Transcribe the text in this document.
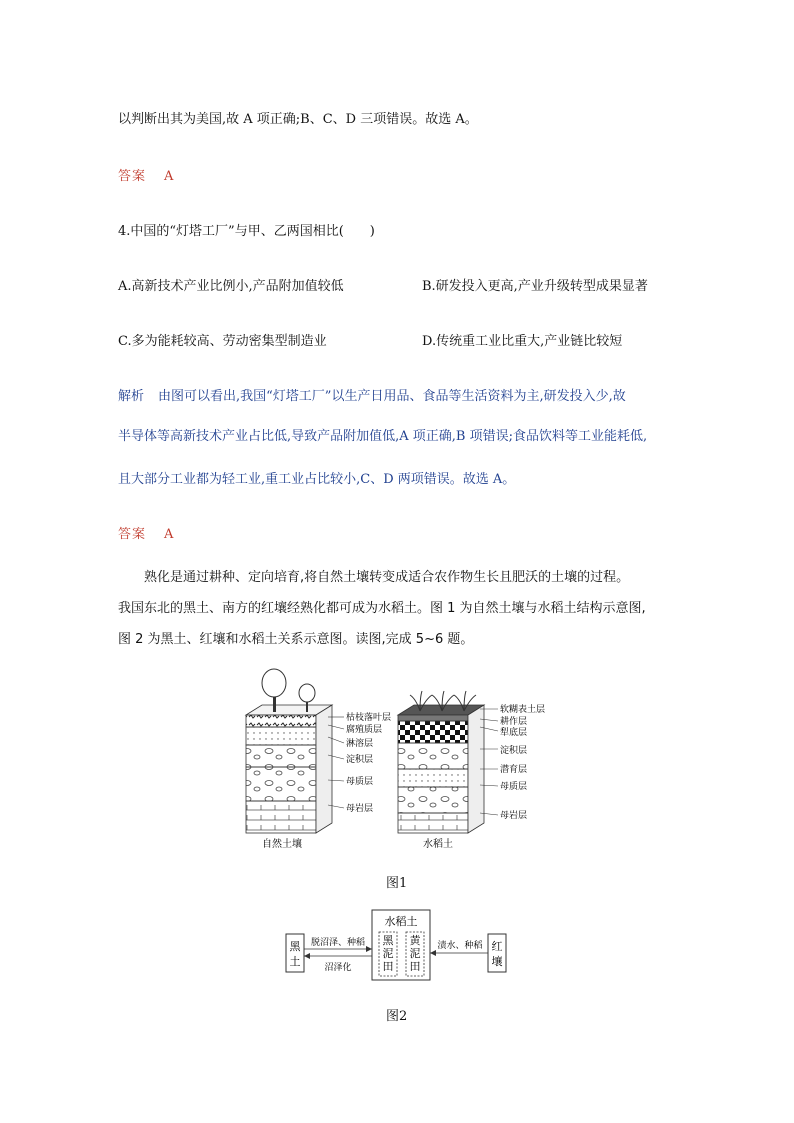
以判断出其为美国,故 A 项正确;B、C、D 三项错误。故选 A。
答案 A
4.中国的“灯塔工厂”与甲、乙两国相比(　　)
A.高新技术产业比例小,产品附加值较低	B.研发投入更高,产业升级转型成果显著
C.多为能耗较高、劳动密集型制造业	D.传统重工业比重大,产业链比较短
解析 由图可以看出,我国“灯塔工厂”以生产日用品、食品等生活资料为主,研发投入少,故
半导体等高新技术产业占比低,导致产品附加值低,A 项正确,B 项错误;食品饮料等工业能耗低,
且大部分工业都为轻工业,重工业占比较小,C、D 两项错误。故选 A。
答案 A
熟化是通过耕种、定向培育,将自然土壤转变成适合农作物生长且肥沃的土壤的过程。
我国东北的黑土、南方的红壤经熟化都可成为水稻土。图 1 为自然土壤与水稻土结构示意图,
图 2 为黑土、红壤和水稻土关系示意图。读图,完成 5~6 题。
枯枝落叶层
腐殖质层
淋溶层
淀积层
母质层
母岩层
自然土壤
软糊表土层
耕作层
犁底层
淀积层
潜育层
母质层
母岩层
水稻土
图1
水稻土
黑
泥
田
黄
泥
田
黑
土
红
壤
脱沼泽、种稻
沼泽化
渍水、种稻
图2
